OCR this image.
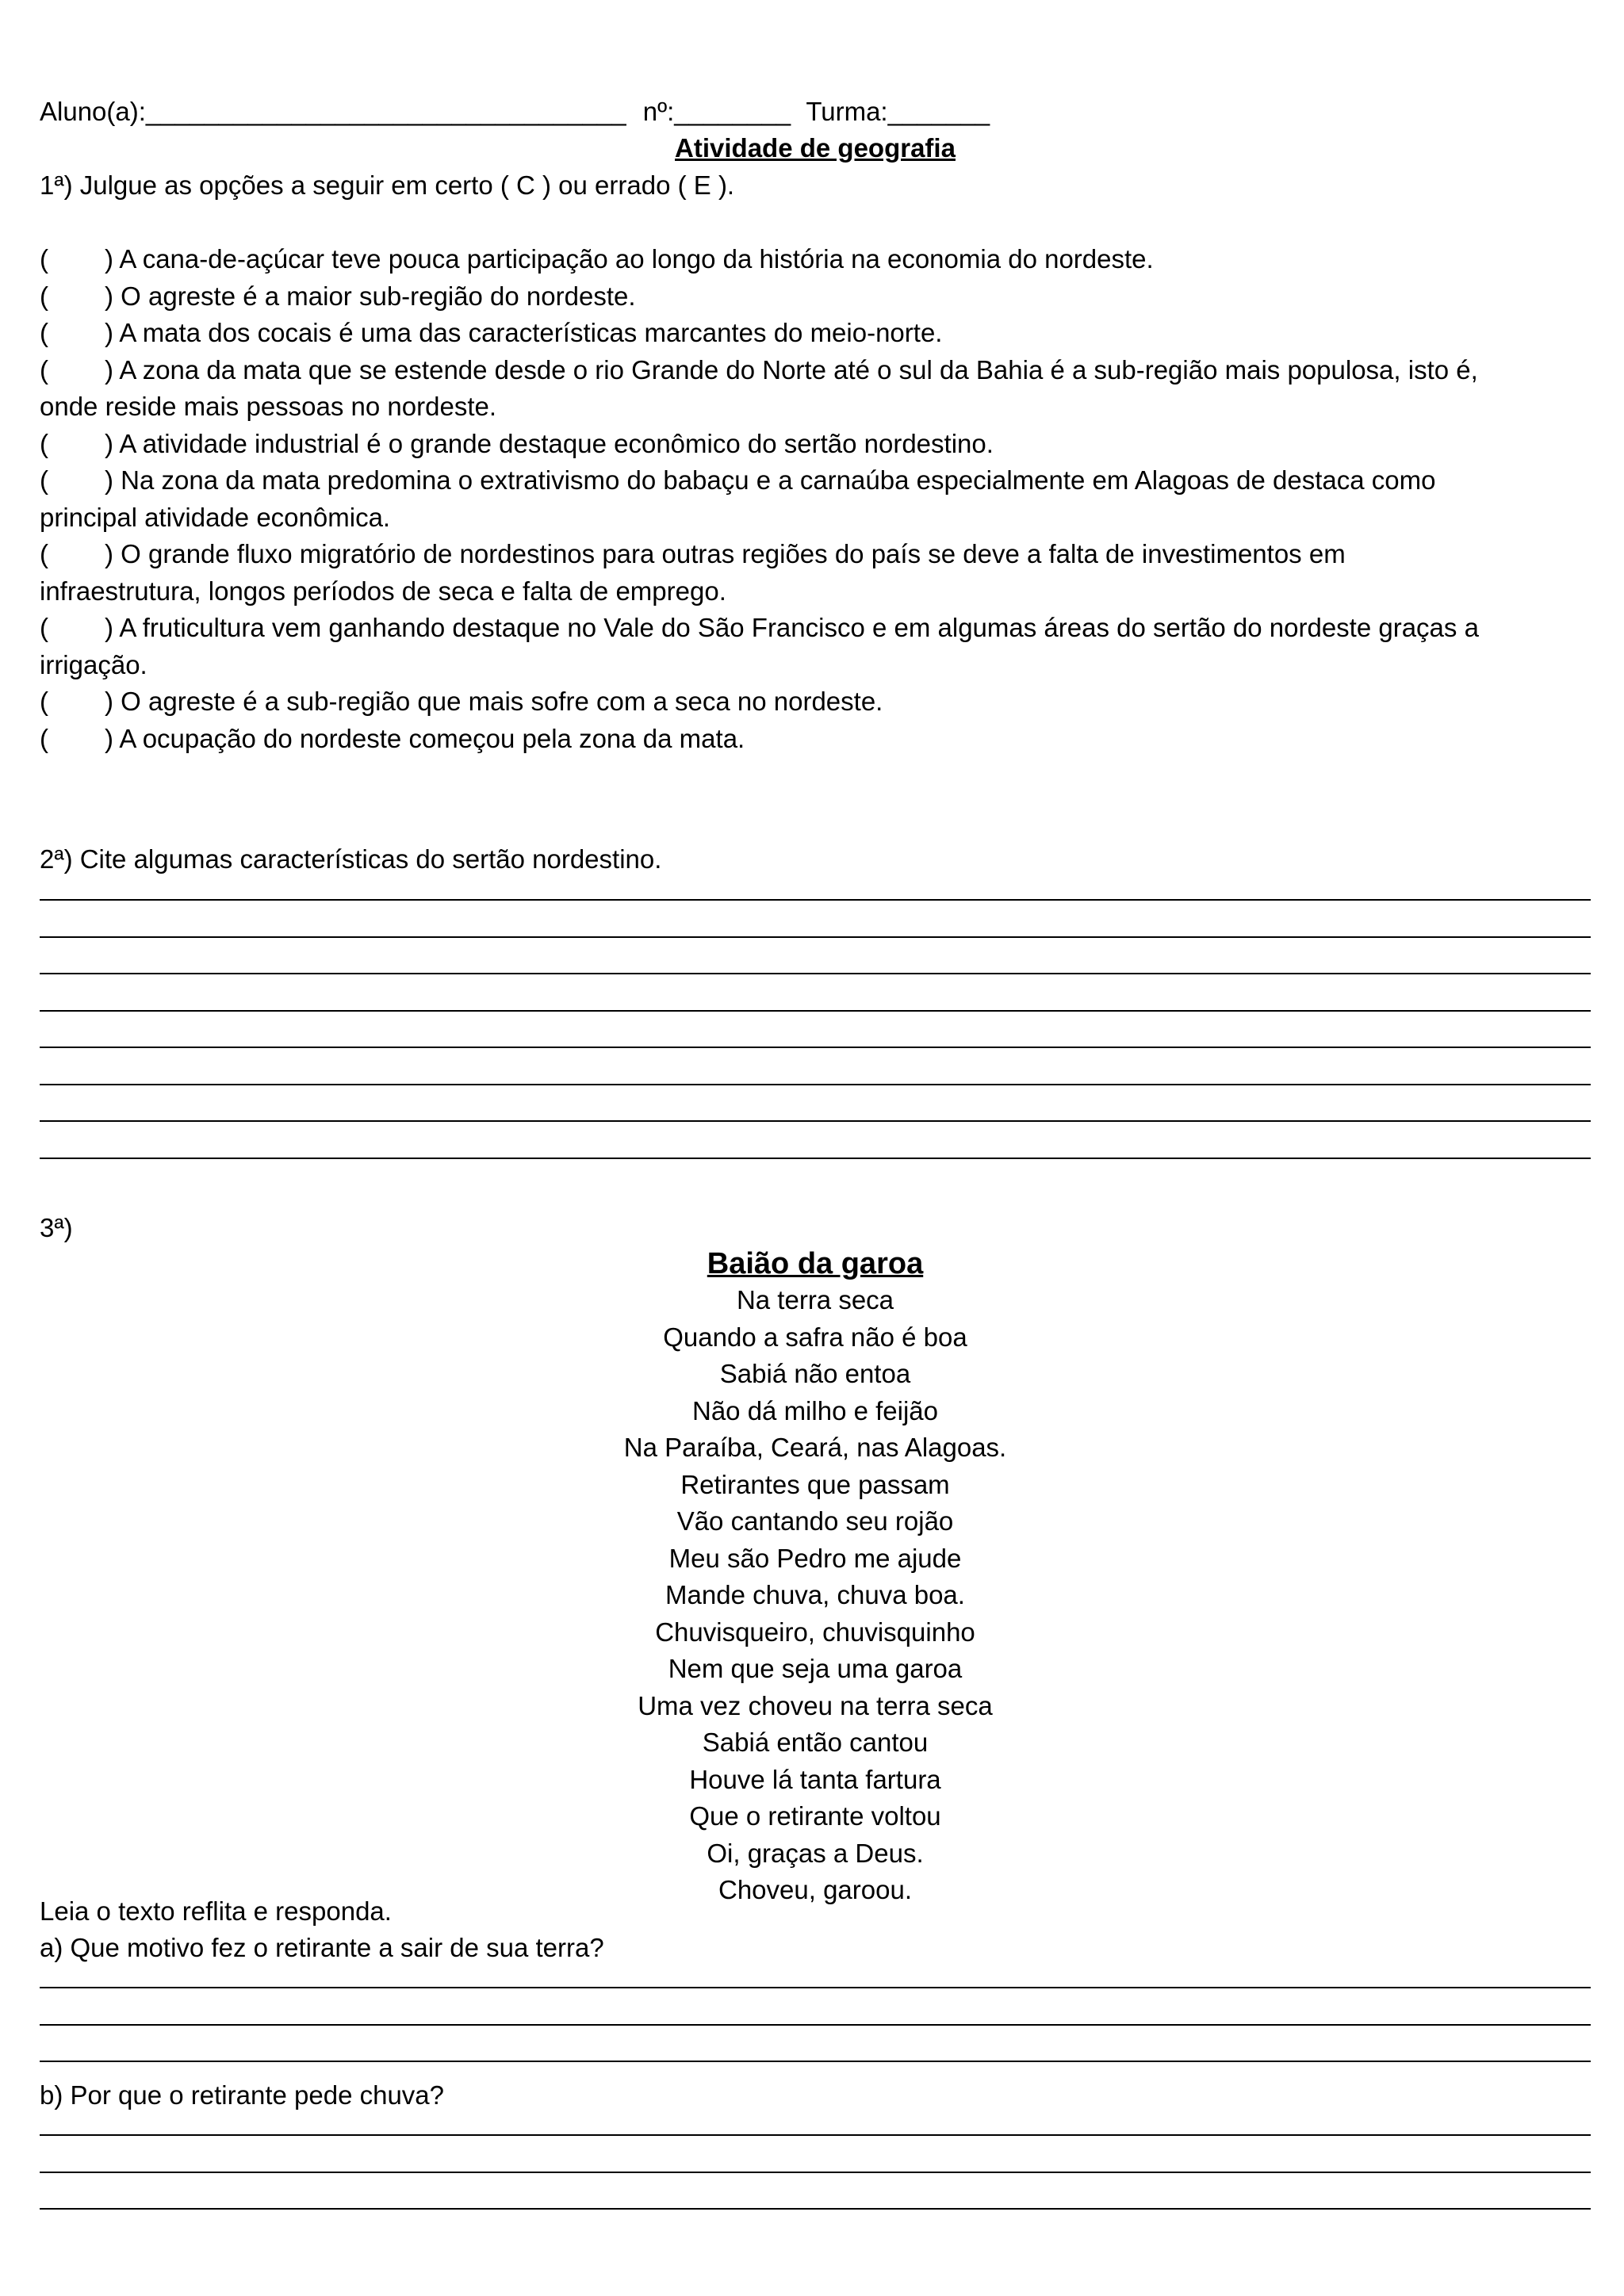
Aluno(a):_________________________________ nº:________ Turma:_______
Atividade de geografia
1ª) Julgue as opções a seguir em certo ( C ) ou errado ( E ).
( ) A cana-de-açúcar teve pouca participação ao longo da história na economia do nordeste.
( ) O agreste é a maior sub-região do nordeste.
( ) A mata dos cocais é uma das características marcantes do meio-norte.
( ) A zona da mata que se estende desde o rio Grande do Norte até o sul da Bahia é a sub-região mais populosa, isto é,
onde reside mais pessoas no nordeste.
( ) A atividade industrial é o grande destaque econômico do sertão nordestino.
( ) Na zona da mata predomina o extrativismo do babaçu e a carnaúba especialmente em Alagoas de destaca como
principal atividade econômica.
( ) O grande fluxo migratório de nordestinos para outras regiões do país se deve a falta de investimentos em
infraestrutura, longos períodos de seca e falta de emprego.
( ) A fruticultura vem ganhando destaque no Vale do São Francisco e em algumas áreas do sertão do nordeste graças a
irrigação.
( ) O agreste é a sub-região que mais sofre com a seca no nordeste.
( ) A ocupação do nordeste começou pela zona da mata.
2ª) Cite algumas características do sertão nordestino.
3ª)
Baião da garoa
Na terra seca
Quando a safra não é boa
Sabiá não entoa
Não dá milho e feijão
Na Paraíba, Ceará, nas Alagoas.
Retirantes que passam
Vão cantando seu rojão
Meu são Pedro me ajude
Mande chuva, chuva boa.
Chuvisqueiro, chuvisquinho
Nem que seja uma garoa
Uma vez choveu na terra seca
Sabiá então cantou
Houve lá tanta fartura
Que o retirante voltou
Oi, graças a Deus.
Choveu, garoou.
Leia o texto reflita e responda.
a) Que motivo fez o retirante a sair de sua terra?
b) Por que o retirante pede chuva?
